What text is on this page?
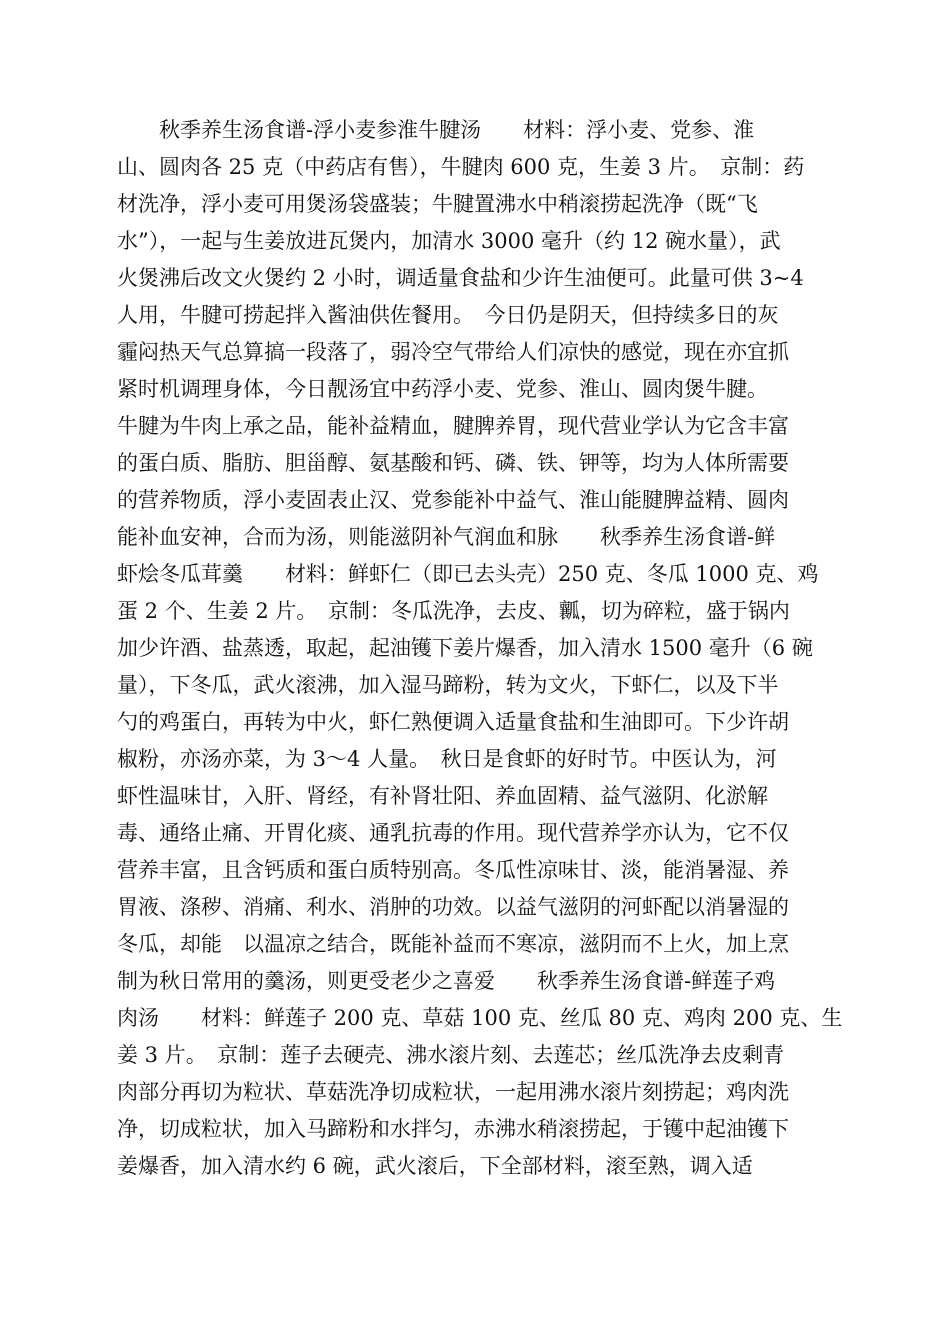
　　秋季养生汤食谱-浮小麦参淮牛腱汤　　材料：浮小麦、党参、淮
山、圆肉各 25 克（中药店有售），牛腱肉 600 克，生姜 3 片。　京制：药
材洗净，浮小麦可用煲汤袋盛装；牛腱置沸水中稍滚捞起洗净（既“飞
水”），一起与生姜放进瓦煲内，加清水 3000 毫升（约 12 碗水量），武
火煲沸后改文火煲约 2 小时，调适量食盐和少许生油便可。此量可供 3~4
人用，牛腱可捞起拌入酱油供佐餐用。　今日仍是阴天，但持续多日的灰
霾闷热天气总算搞一段落了，弱冷空气带给人们凉快的感觉，现在亦宜抓
紧时机调理身体，今日靓汤宜中药浮小麦、党参、淮山、圆肉煲牛腱。
牛腱为牛肉上承之品，能补益精血，腱脾养胃，现代营业学认为它含丰富
的蛋白质、脂肪、胆甾醇、氨基酸和钙、磷、铁、钾等，均为人体所需要
的营养物质，浮小麦固表止汉、党参能补中益气、淮山能腱脾益精、圆肉
能补血安神，合而为汤，则能滋阴补气润血和脉　　秋季养生汤食谱-鲜
虾烩冬瓜茸羹　　材料：鲜虾仁（即已去头壳）250 克、冬瓜 1000 克、鸡
蛋 2 个、生姜 2 片。　京制：冬瓜洗净，去皮、瓤，切为碎粒，盛于锅内
加少许酒、盐蒸透，取起，起油镬下姜片爆香，加入清水 1500 毫升（6 碗
量），下冬瓜，武火滚沸，加入湿马蹄粉，转为文火，下虾仁，以及下半
勺的鸡蛋白，再转为中火，虾仁熟便调入适量食盐和生油即可。下少许胡
椒粉，亦汤亦菜，为 3～4 人量。　秋日是食虾的好时节。中医认为，河
虾性温味甘，入肝、肾经，有补肾壮阳、养血固精、益气滋阴、化淤解
毒、通络止痛、开胃化痰、通乳抗毒的作用。现代营养学亦认为，它不仅
营养丰富，且含钙质和蛋白质特别高。冬瓜性凉味甘、淡，能消暑湿、养
胃液、涤秽、消痛、利水、消肿的功效。以益气滋阴的河虾配以消暑湿的
冬瓜，却能　以温凉之结合，既能补益而不寒凉，滋阴而不上火，加上烹
制为秋日常用的羹汤，则更受老少之喜爱　　秋季养生汤食谱-鲜莲子鸡
肉汤　　材料：鲜莲子 200 克、草菇 100 克、丝瓜 80 克、鸡肉 200 克、生
姜 3 片。　京制：莲子去硬壳、沸水滚片刻、去莲芯；丝瓜洗净去皮剩青
肉部分再切为粒状、草菇洗净切成粒状，一起用沸水滚片刻捞起；鸡肉洗
净，切成粒状，加入马蹄粉和水拌匀，赤沸水稍滚捞起，于镬中起油镬下
姜爆香，加入清水约 6 碗，武火滚后，下全部材料，滚至熟，调入适
